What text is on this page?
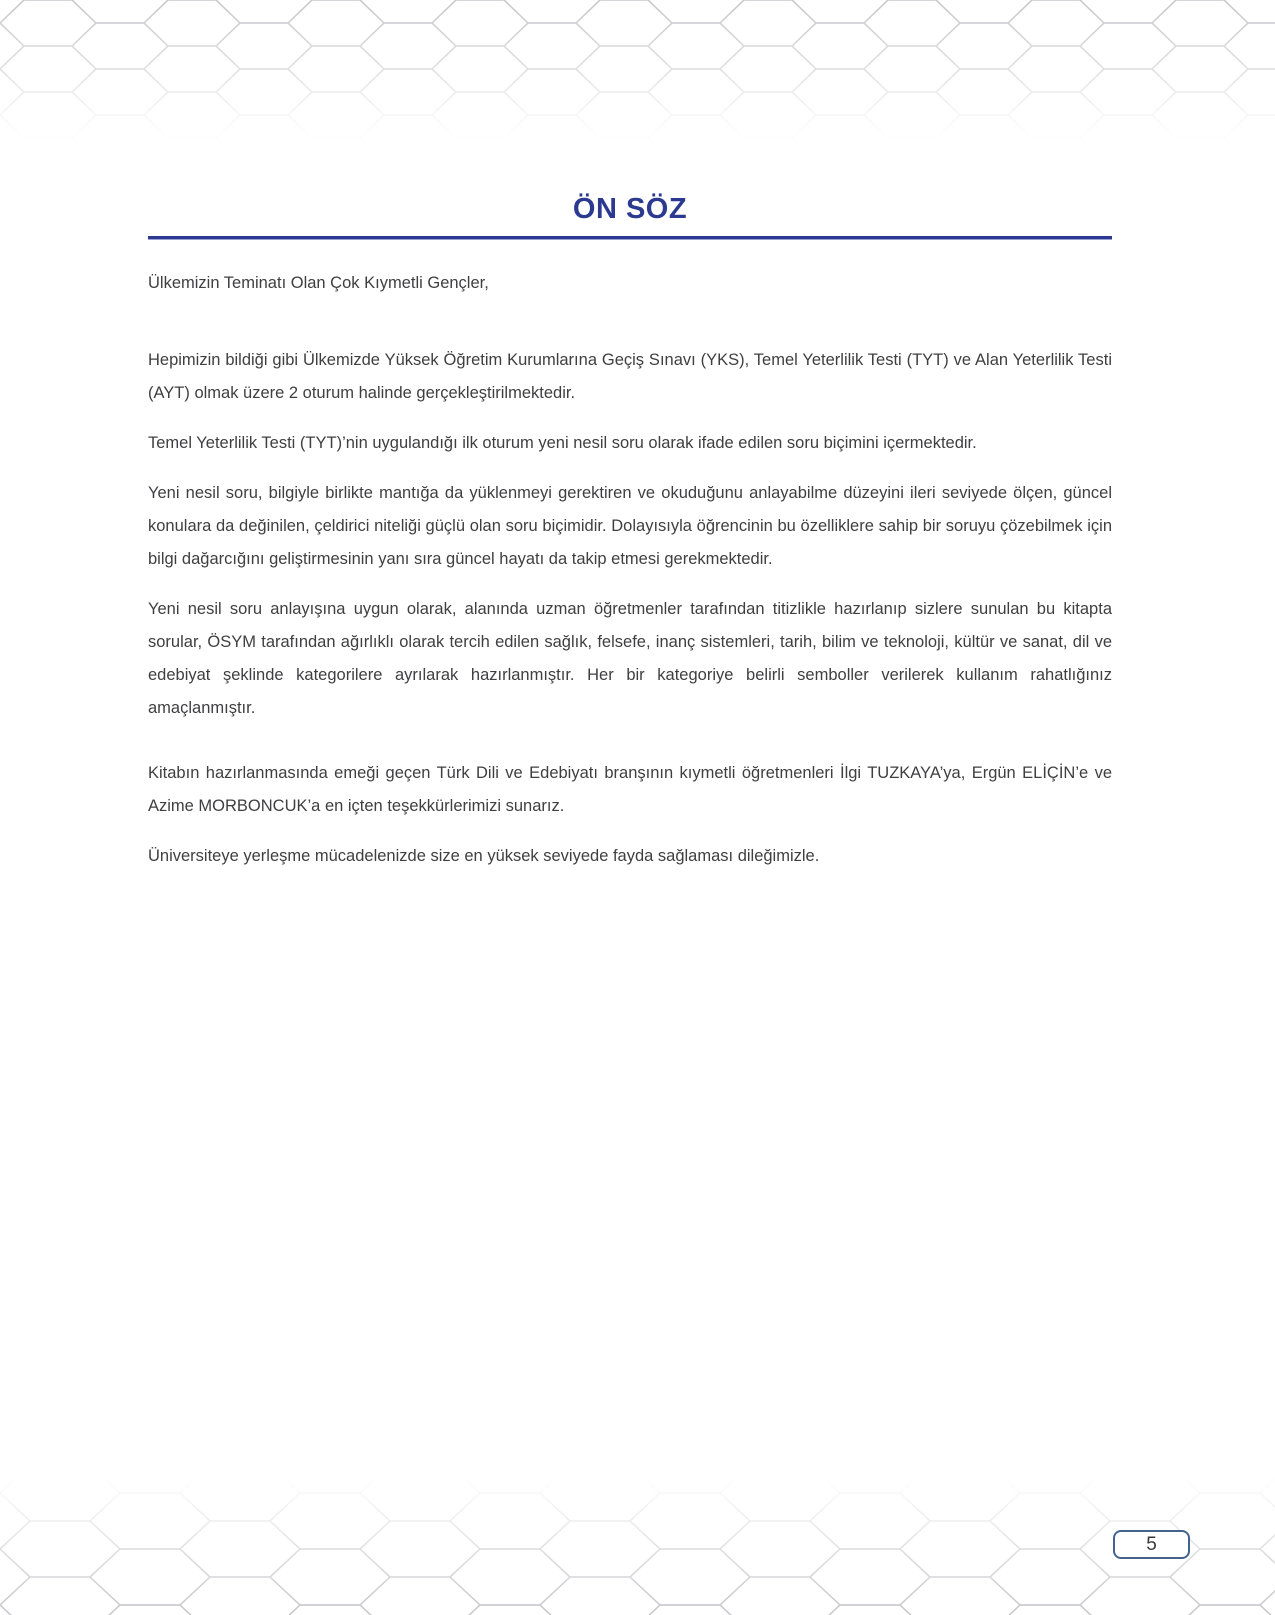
ÖN SÖZ

Ülkemizin Teminatı Olan Çok Kıymetli Gençler,

Hepimizin bildiği gibi Ülkemizde Yüksek Öğretim Kurumlarına Geçiş Sınavı (YKS), Temel Yeterlilik Testi (TYT) ve Alan Yeterlilik Testi (AYT) olmak üzere 2 oturum halinde gerçekleştirilmektedir.

Temel Yeterlilik Testi (TYT)’nin uygulandığı ilk oturum yeni nesil soru olarak ifade edilen soru biçimini içermektedir.

Yeni nesil soru, bilgiyle birlikte mantığa da yüklenmeyi gerektiren ve okuduğunu anlayabilme düzeyini ileri seviyede ölçen, güncel konulara da değinilen, çeldirici niteliği güçlü olan soru biçimidir. Dolayısıyla öğrencinin bu özelliklere sahip bir soruyu çözebilmek için bilgi dağarcığını geliştirmesinin yanı sıra güncel hayatı da takip etmesi gerekmektedir.

Yeni nesil soru anlayışına uygun olarak, alanında uzman öğretmenler tarafından titizlikle hazırlanıp sizlere sunulan bu kitapta sorular, ÖSYM tarafından ağırlıklı olarak tercih edilen sağlık, felsefe, inanç sistemleri, tarih, bilim ve teknoloji, kültür ve sanat, dil ve edebiyat şeklinde kategorilere ayrılarak hazırlanmıştır. Her bir kategoriye belirli semboller verilerek kullanım rahatlığınız amaçlanmıştır.

Kitabın hazırlanmasında emeği geçen Türk Dili ve Edebiyatı branşının kıymetli öğretmenleri İlgi TUZKAYA’ya, Ergün ELİÇİN’e ve Azime MORBONCUK’a en içten teşekkürlerimizi sunarız.

Üniversiteye yerleşme mücadelenizde size en yüksek seviyede fayda sağlaması dileğimizle.

5
